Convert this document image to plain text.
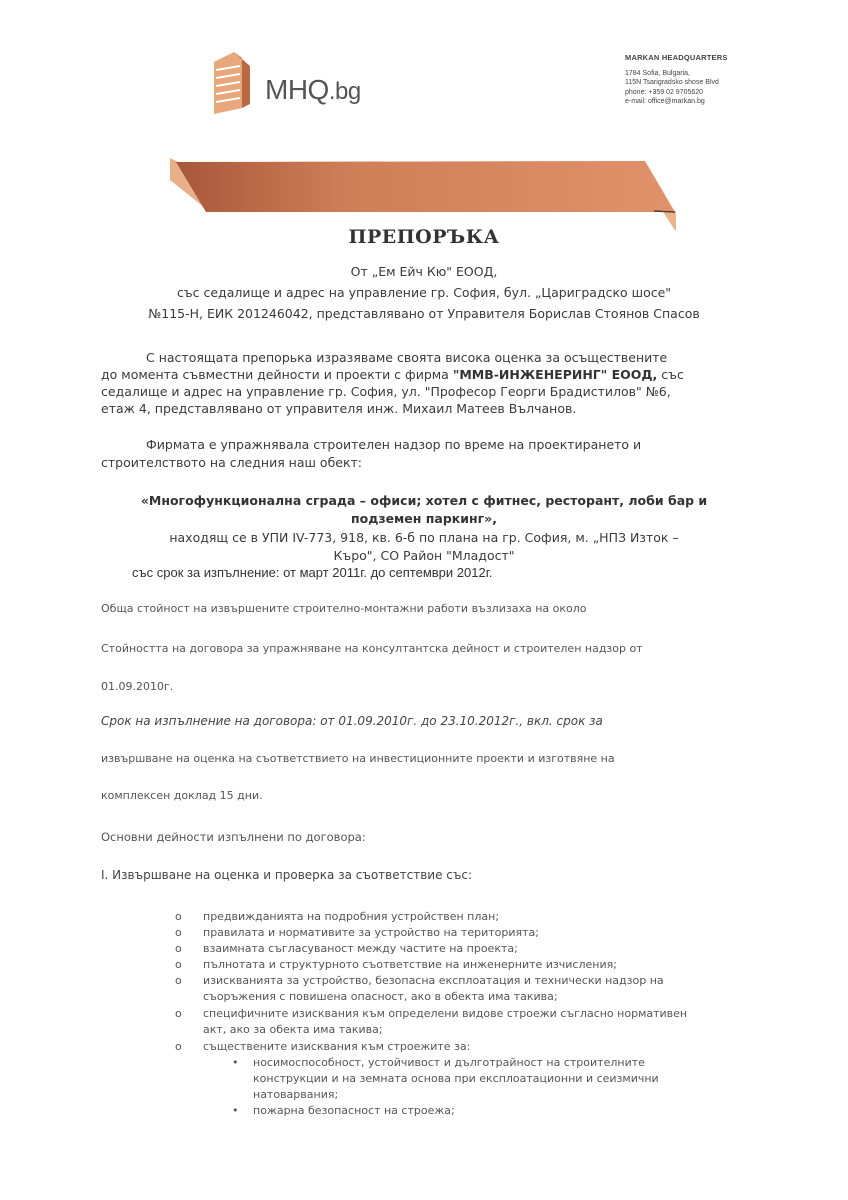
MHQ.bg
MARKAN HEADQUARTERS
1784 Sofia, Bulgaria,
115N Tsarigradsko shose Blvd
phone: +359 02 9705620
e-mail: office@markan.bg
ПРЕПОРЪКА
От „Ем Ейч Кю" ЕООД,
със седалище и адрес на управление гр. София, бул. „Цариградско шосе"
№115-Н, ЕИК 201246042, представлявано от Управителя Борислав Стоянов Спасов
С настоящата препорька изразяваме своята висока оценка за осъществените
до момента съвместни дейности и проекти с фирма "ММВ-ИНЖЕНЕРИНГ" ЕООД, със
седалище и адрес на управление гр. София, ул. "Професор Георги Брадистилов" №6,
етаж 4, представлявано от управителя инж. Михаил Матеев Вълчанов.
Фирмата е упражнявала строителен надзор по време на проектирането и
строителството на следния наш обект:
«Многофункционална сграда – офиси; хотел с фитнес, ресторант, лоби бар и
подземен паркинг»,
находящ се в УПИ IV-773, 918, кв. 6-б по плана на гр. София, м. „НПЗ Изток –
Къро", СО Район "Младост"
със срок за изпълнение: от март 2011г. до септември 2012г.
Обща стойност на извършените строително-монтажни работи възлизаха на около
Стойността на договора за упражняване на консултантска дейност и строителен надзор от
01.09.2010г.
Срок на изпълнение на договора: от 01.09.2010г. до 23.10.2012г., вкл. срок за
извършване на оценка на съответствието на инвестиционните проекти и изготвяне на
комплексен доклад 15 дни.
Основни дейности изпълнени по договора:
I. Извършване на оценка и проверка за съответствие със:
o предвижданията на подробния устройствен план;
o правилата и нормативите за устройство на територията;
o взаимната съгласуваност между частите на проекта;
o пълнотата и структурното съответствие на инженерните изчисления;
o изискванията за устройство, безопасна експлоатация и технически надзор на
съоръжения с повишена опасност, ако в обекта има такива;
o специфичните изисквания към определени видове строежи съгласно нормативен
акт, ако за обекта има такива;
o съществените изисквания към строежите за:
• носимоспособност, устойчивост и дълготрайност на строителните
конструкции и на земната основа при експлоатационни и сеизмични
натоварвания;
• пожарна безопасност на строежа;
